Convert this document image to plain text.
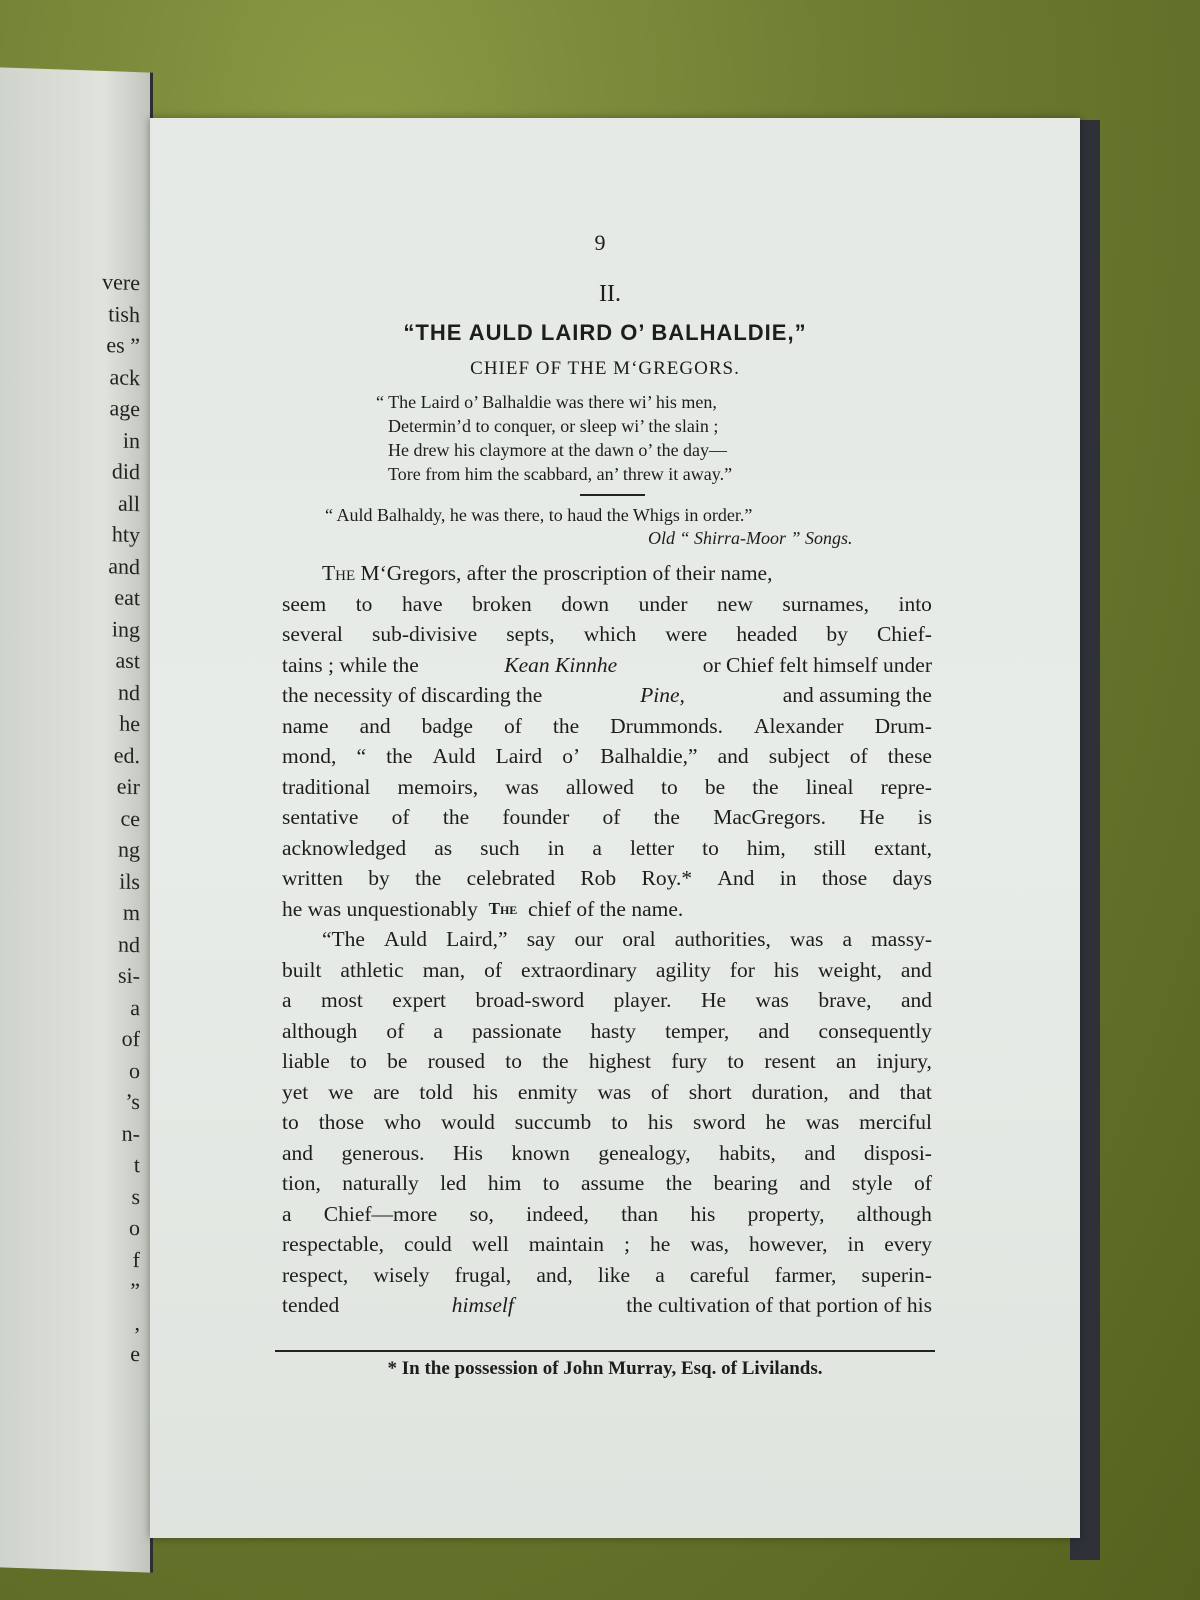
vere
tish
es ”
ack
age
in
did
all
hty
and
eat
ing
ast
nd
he
ed.
eir
ce
ng
ils
m
nd
si-
a
of
o
’s
n-
t
s
o
f
”
,
e
9
II.
“THE AULD LAIRD O’ BALHALDIE,”
CHIEF OF THE M‘GREGORS.
“ The Laird o’ Balhaldie was there wi’ his men,
Determin’d to conquer, or sleep wi’ the slain ;
He drew his claymore at the dawn o’ the day—
Tore from him the scabbard, an’ threw it away.”
“ Auld Balhaldy, he was there, to haud the Whigs in order.”
Old “ Shirra-Moor ” Songs.
The
M‘Gregors, after the proscription of their name,
seem to have broken down under new surnames, into
several sub-divisive septs, which were headed by Chief-
tains ; while the	Kean Kinnhe	or Chief felt himself under
the necessity of discarding the	Pine,	and assuming the
name and badge of the Drummonds. Alexander Drum-
mond, “ the Auld Laird o’ Balhaldie,” and subject of these
traditional memoirs, was allowed to be the lineal repre-
sentative of the founder of the MacGregors. He is
acknowledged as such in a letter to him, still extant,
written by the celebrated Rob Roy.* And in those days
he was unquestionably
The
chief of the name.
“The Auld Laird,” say our oral authorities, was a massy-
built athletic man, of extraordinary agility for his weight, and
a most expert broad-sword player. He was brave, and
although of a passionate hasty temper, and consequently
liable to be roused to the highest fury to resent an injury,
yet we are told his enmity was of short duration, and that
to those who would succumb to his sword he was merciful
and generous. His known genealogy, habits, and disposi-
tion, naturally led him to assume the bearing and style of
a Chief—more so, indeed, than his property, although
respectable, could well maintain ; he was, however, in every
respect, wisely frugal, and, like a careful farmer, superin-
tended	himself	the cultivation of that portion of his
* In the possession of John Murray, Esq. of Livilands.
